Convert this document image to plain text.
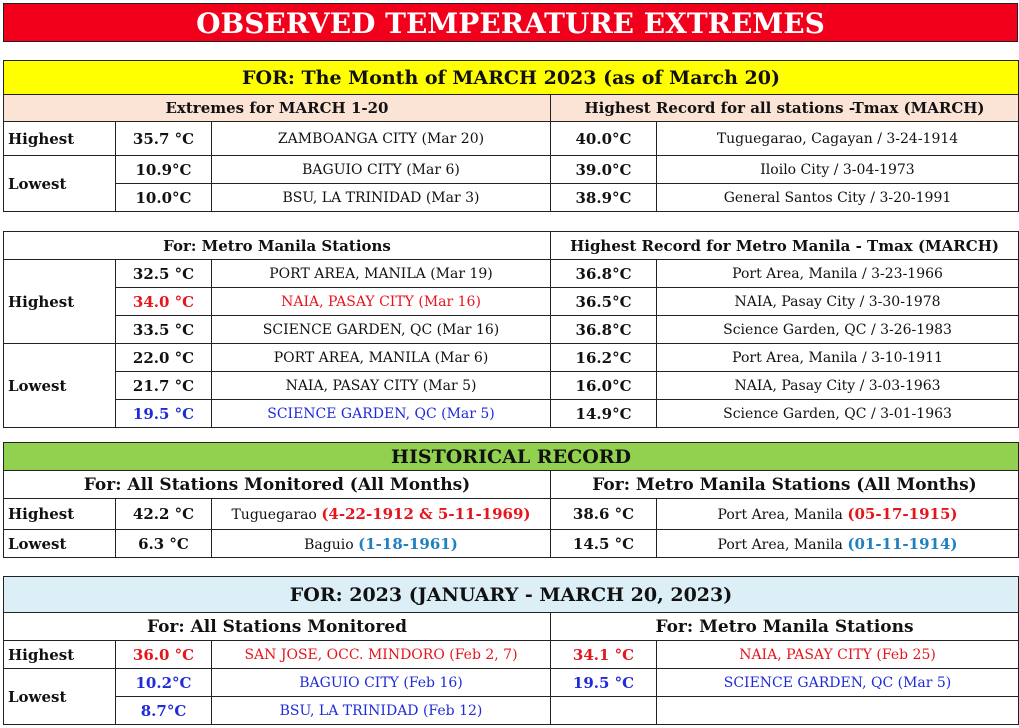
OBSERVED TEMPERATURE EXTREMES
FOR: The Month of MARCH 2023 (as of March 20)				
Extremes for MARCH 1-20			Highest Record for all stations -Tmax (MARCH)	
Highest	35.7 °C	ZAMBOANGA CITY (Mar 20)	40.0°C	Tuguegarao, Cagayan / 3-24-1914
Lowest	10.9°C	BAGUIO CITY (Mar 6)	39.0°C	Iloilo City / 3-04-1973
	10.0°C	BSU, LA TRINIDAD (Mar 3)	38.9°C	General Santos City / 3-20-1991
For: Metro Manila Stations			Highest Record for Metro Manila - Tmax (MARCH)	
Highest	32.5 °C	PORT AREA, MANILA (Mar 19)	36.8°C	Port Area, Manila / 3-23-1966
	34.0 °C	NAIA, PASAY CITY (Mar 16)	36.5°C	NAIA, Pasay City / 3-30-1978
	33.5 °C	SCIENCE GARDEN, QC (Mar 16)	36.8°C	Science Garden, QC / 3-26-1983
Lowest	22.0 °C	PORT AREA, MANILA (Mar 6)	16.2°C	Port Area, Manila / 3-10-1911
	21.7 °C	NAIA, PASAY CITY (Mar 5)	16.0°C	NAIA, Pasay City / 3-03-1963
	19.5 °C	SCIENCE GARDEN, QC (Mar 5)	14.9°C	Science Garden, QC / 3-01-1963
HISTORICAL RECORD				
For: All Stations Monitored (All Months)			For: Metro Manila Stations (All Months)	
Highest	42.2 °C	Tuguegarao (4-22-1912 & 5-11-1969)	38.6 °C	Port Area, Manila (05-17-1915)
Lowest	6.3 °C	Baguio (1-18-1961)	14.5 °C	Port Area, Manila (01-11-1914)
FOR: 2023 (JANUARY - MARCH 20, 2023)				
For: All Stations Monitored			For: Metro Manila Stations	
Highest	36.0 °C	SAN JOSE, OCC. MINDORO (Feb 2, 7)	34.1 °C	NAIA, PASAY CITY (Feb 25)
Lowest	10.2°C	BAGUIO CITY (Feb 16)	19.5 °C	SCIENCE GARDEN, QC (Mar 5)
	8.7°C	BSU, LA TRINIDAD (Feb 12)		
